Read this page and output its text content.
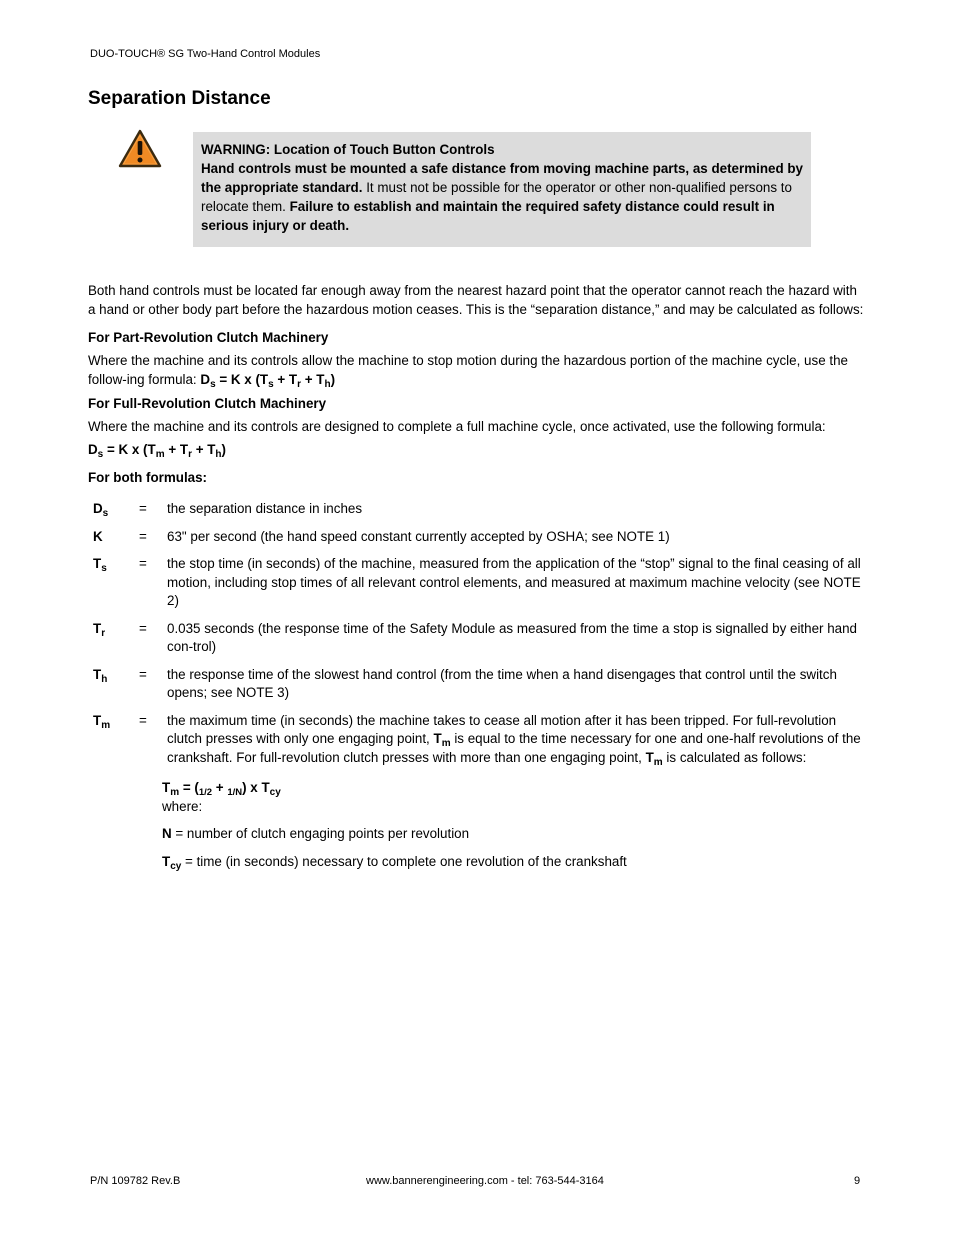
DUO-TOUCH® SG Two-Hand Control Modules
Separation Distance
WARNING: Location of Touch Button Controls
Hand controls must be mounted a safe distance from moving machine parts, as determined by the appropriate standard. It must not be possible for the operator or other non-qualified persons to relocate them. Failure to establish and maintain the required safety distance could result in serious injury or death.
Both hand controls must be located far enough away from the nearest hazard point that the operator cannot reach the hazard with a hand or other body part before the hazardous motion ceases. This is the “separation distance,” and may be calculated as follows:
For Part-Revolution Clutch Machinery
Where the machine and its controls allow the machine to stop motion during the hazardous portion of the machine cycle, use the follow-ing formula: $D_s = K$ x $(T_s + T_r + T_h)$
For Full-Revolution Clutch Machinery
Where the machine and its controls are designed to complete a full machine cycle, once activated, use the following formula:
$D_s = K$ x $(T_m + T_r + T_h)$
For both formulas:
$D_s$	=	the separation distance in inches
K	=	63" per second (the hand speed constant currently accepted by OSHA; see NOTE 1)
$T_s$	=	the stop time (in seconds) of the machine, measured from the application of the “stop” signal to the final ceasing of all motion, including stop times of all relevant control elements, and measured at maximum machine velocity (see NOTE 2)
$T_r$	=	0.035 seconds (the response time of the Safety Module as measured from the time a stop is signalled by either hand con-trol)
$T_h$	=	the response time of the slowest hand control (from the time when a hand disengages that control until the switch opens; see NOTE 3)
$T_m$	=	the maximum time (in seconds) the machine takes to cease all motion after it has been tripped. For full-revolution clutch presses with only one engaging point, $T_m$ is equal to the time necessary for one and one-half revolutions of the crankshaft. For full-revolution clutch presses with more than one engaging point, $T_m$ is calculated as follows:
$T_m = (_{1/2} + _{1/N})$ x $T_{cy}$
where:
N = number of clutch engaging points per revolution
$T_{cy}$ = time (in seconds) necessary to complete one revolution of the crankshaft
P/N 109782 Rev.B	www.bannerengineering.com - tel: 763-544-3164	9
